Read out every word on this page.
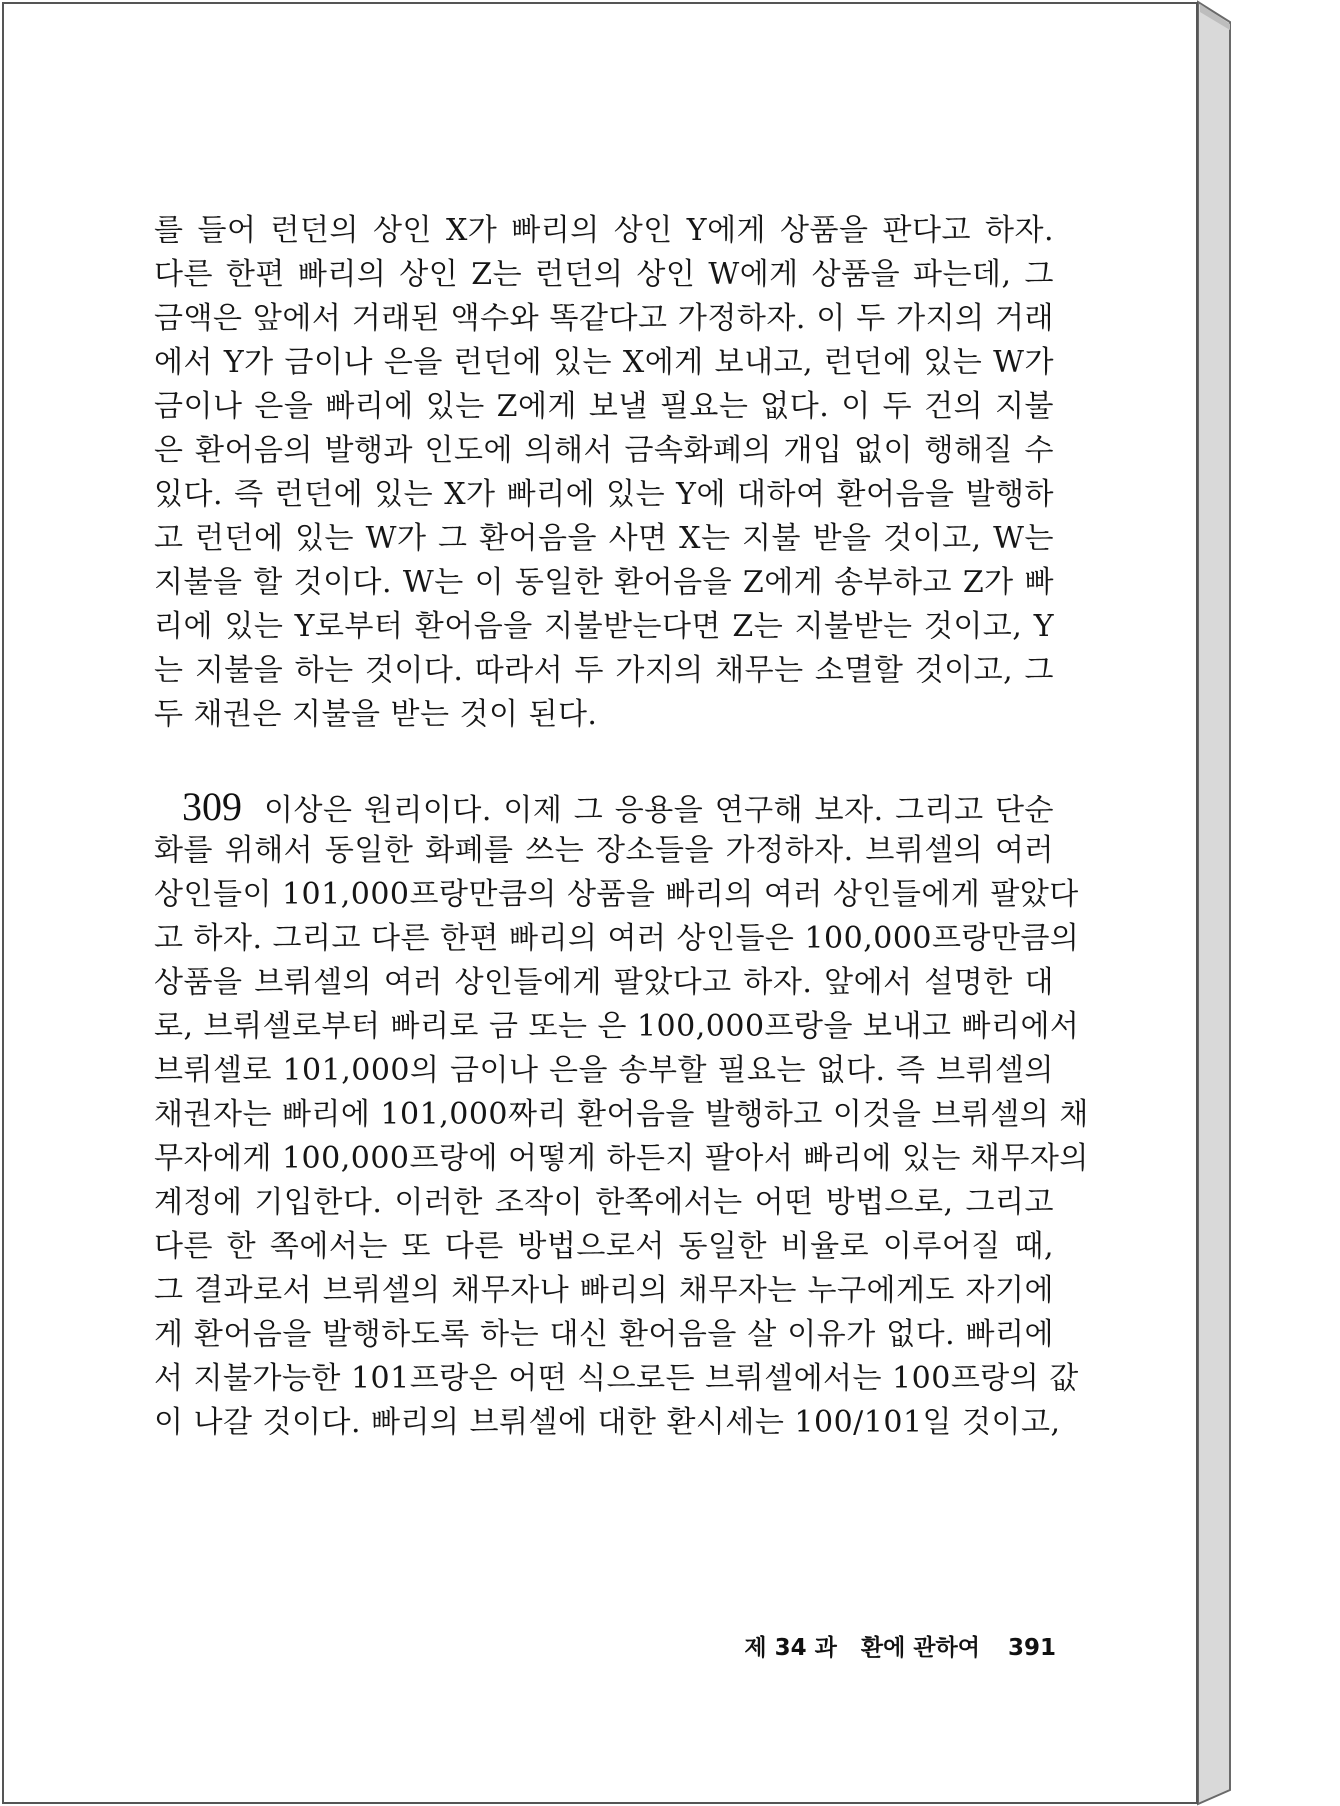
를 들어 런던의 상인 X가 빠리의 상인 Y에게 상품을 판다고 하자.
다른 한편 빠리의 상인 Z는 런던의 상인 W에게 상품을 파는데, 그
금액은 앞에서 거래된 액수와 똑같다고 가정하자. 이 두 가지의 거래
에서 Y가 금이나 은을 런던에 있는 X에게 보내고, 런던에 있는 W가
금이나 은을 빠리에 있는 Z에게 보낼 필요는 없다. 이 두 건의 지불
은 환어음의 발행과 인도에 의해서 금속화폐의 개입 없이 행해질 수
있다. 즉 런던에 있는 X가 빠리에 있는 Y에 대하여 환어음을 발행하
고 런던에 있는 W가 그 환어음을 사면 X는 지불 받을 것이고, W는
지불을 할 것이다. W는 이 동일한 환어음을 Z에게 송부하고 Z가 빠
리에 있는 Y로부터 환어음을 지불받는다면 Z는 지불받는 것이고, Y
는 지불을 하는 것이다. 따라서 두 가지의 채무는 소멸할 것이고, 그
두 채권은 지불을 받는 것이 된다.
309 이상은 원리이다. 이제 그 응용을 연구해 보자. 그리고 단순
화를 위해서 동일한 화폐를 쓰는 장소들을 가정하자. 브뤼셀의 여러
상인들이 101,000프랑만큼의 상품을 빠리의 여러 상인들에게 팔았다
고 하자. 그리고 다른 한편 빠리의 여러 상인들은 100,000프랑만큼의
상품을 브뤼셀의 여러 상인들에게 팔았다고 하자. 앞에서 설명한 대
로, 브뤼셀로부터 빠리로 금 또는 은 100,000프랑을 보내고 빠리에서
브뤼셀로 101,000의 금이나 은을 송부할 필요는 없다. 즉 브뤼셀의
채권자는 빠리에 101,000짜리 환어음을 발행하고 이것을 브뤼셀의 채
무자에게 100,000프랑에 어떻게 하든지 팔아서 빠리에 있는 채무자의
계정에 기입한다. 이러한 조작이 한쪽에서는 어떤 방법으로, 그리고
다른 한 쪽에서는 또 다른 방법으로서 동일한 비율로 이루어질 때,
그 결과로서 브뤼셀의 채무자나 빠리의 채무자는 누구에게도 자기에
게 환어음을 발행하도록 하는 대신 환어음을 살 이유가 없다. 빠리에
서 지불가능한 101프랑은 어떤 식으로든 브뤼셀에서는 100프랑의 값
이 나갈 것이다. 빠리의 브뤼셀에 대한 환시세는 100/101일 것이고,
제 34 과 환에 관하여 391
